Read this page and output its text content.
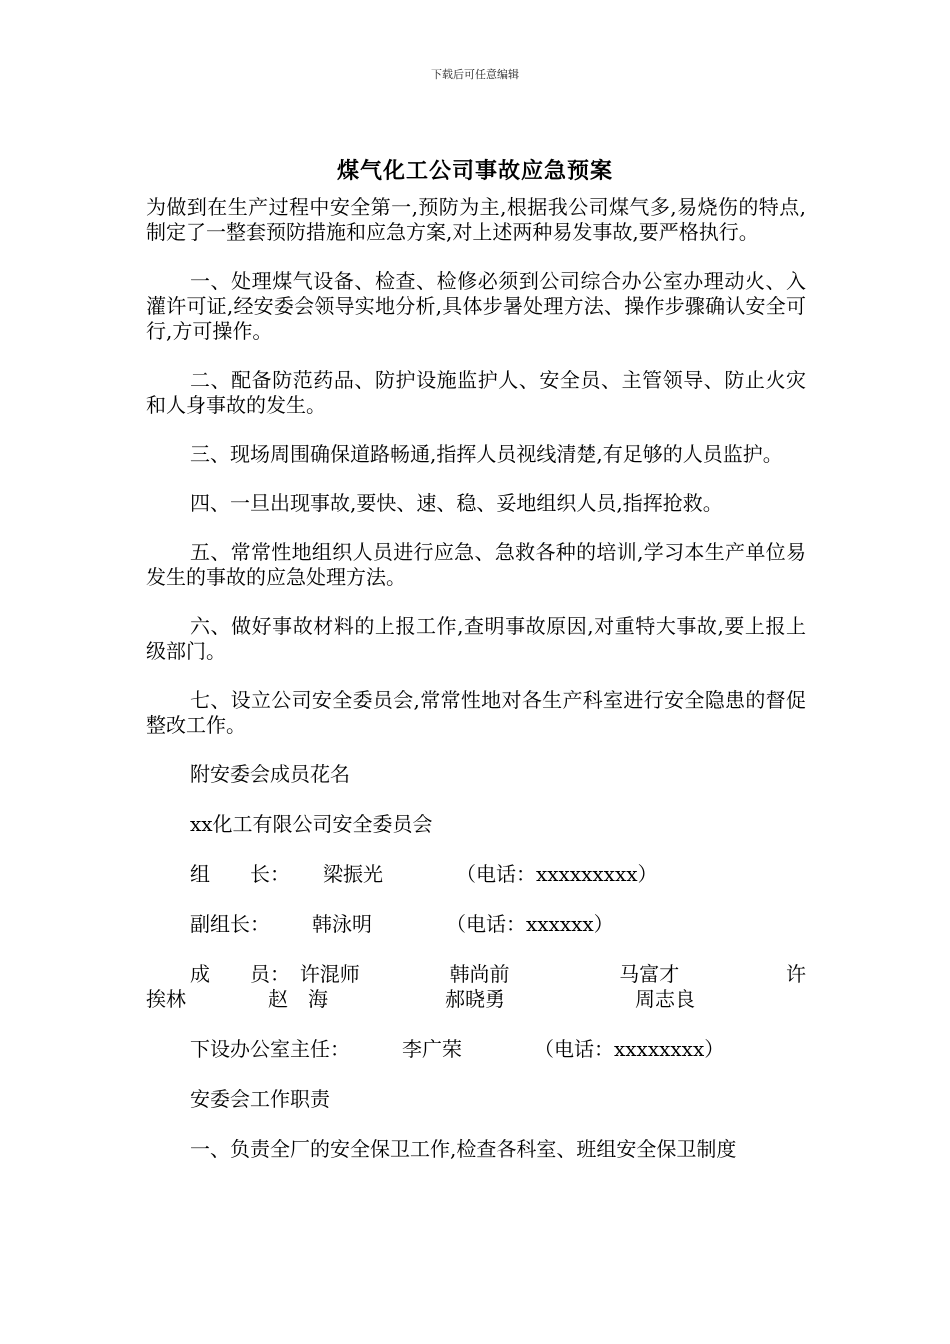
下载后可任意编辑
煤气化工公司事故应急预案

为做到在生产过程中安全第一,预防为主,根据我公司煤气多,易烧伤的特点,制定了一整套预防措施和应急方案,对上述两种易发事故,要严格执行。

一、处理煤气设备、检查、检修必须到公司综合办公室办理动火、入灌许可证,经安委会领导实地分析,具体步暑处理方法、操作步骤确认安全可行,方可操作。

二、配备防范药品、防护设施监护人、安全员、主管领导、防止火灾和人身事故的发生。

三、现场周围确保道路畅通,指挥人员视线清楚,有足够的人员监护。

四、一旦出现事故,要快、速、稳、妥地组织人员,指挥抢救。

五、常常性地组织人员进行应急、急救各种的培训,学习本生产单位易发生的事故的应急处理方法。

六、做好事故材料的上报工作,查明事故原因,对重特大事故,要上报上级部门。

七、设立公司安全委员会,常常性地对各生产科室进行安全隐患的督促整改工作。

附安委会成员花名
xx化工有限公司安全委员会
组　　长： 梁振光	（电话：xxxxxxxxx）
副组长： 韩泳明	（电话：xxxxxx）
成　　员： 许混师	韩尚前	马富才	许
挨林	赵　海	郝晓勇	周志良
下设办公室主任：	李广荣	（电话：xxxxxxxx）
安委会工作职责

一、负责全厂的安全保卫工作,检查各科室、班组安全保卫制度
